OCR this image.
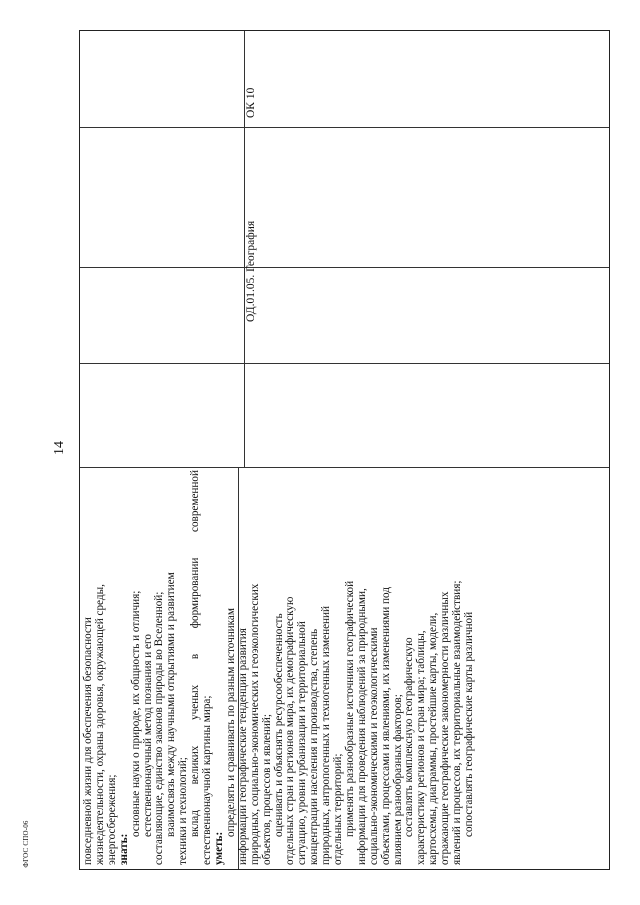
14
ФГОС СПО-06	повседневной жизни для обеспечения безопасности жизнедеятельности, охраны здоровья, окружающей среды, энергосбережения; знать:

основные науки о природе, их общность и отличия; естественнонаучный метод познания и его составляющие, единство законов природы во Вселенной; взаимосвязь между научными открытиями и развитием техники и технологий; вклад великих ученых в формировании современной естественнонаучной картины мира; уметь:

определять и сравнивать по разным источникам информации географические тенденции развития природных, социально-экономических и геоэкологических объектов, процессов и явлений; оценивать и объяснять ресурсообеспеченность отдельных стран и регионов мира, их демографическую ситуацию, уровни урбанизации и территориальной концентрации населения и производства, степень природных, антропогенных и техногенных изменений отдельных территорий; применять разнообразные источники географической информации для проведения наблюдений за природными, социально-экономическими и геоэкологическими объектами, процессами и явлениями, их изменениями под влиянием разнообразных факторов; составлять комплексную географическую характеристику регионов и стран мира; таблицы, картосхемы, диаграммы, простейшие карты, модели, отражающие географические закономерности различных явлений и процессов, их территориальные взаимодействия; сопоставлять географические карты различной

ОД.01.05. География
ОК 10
